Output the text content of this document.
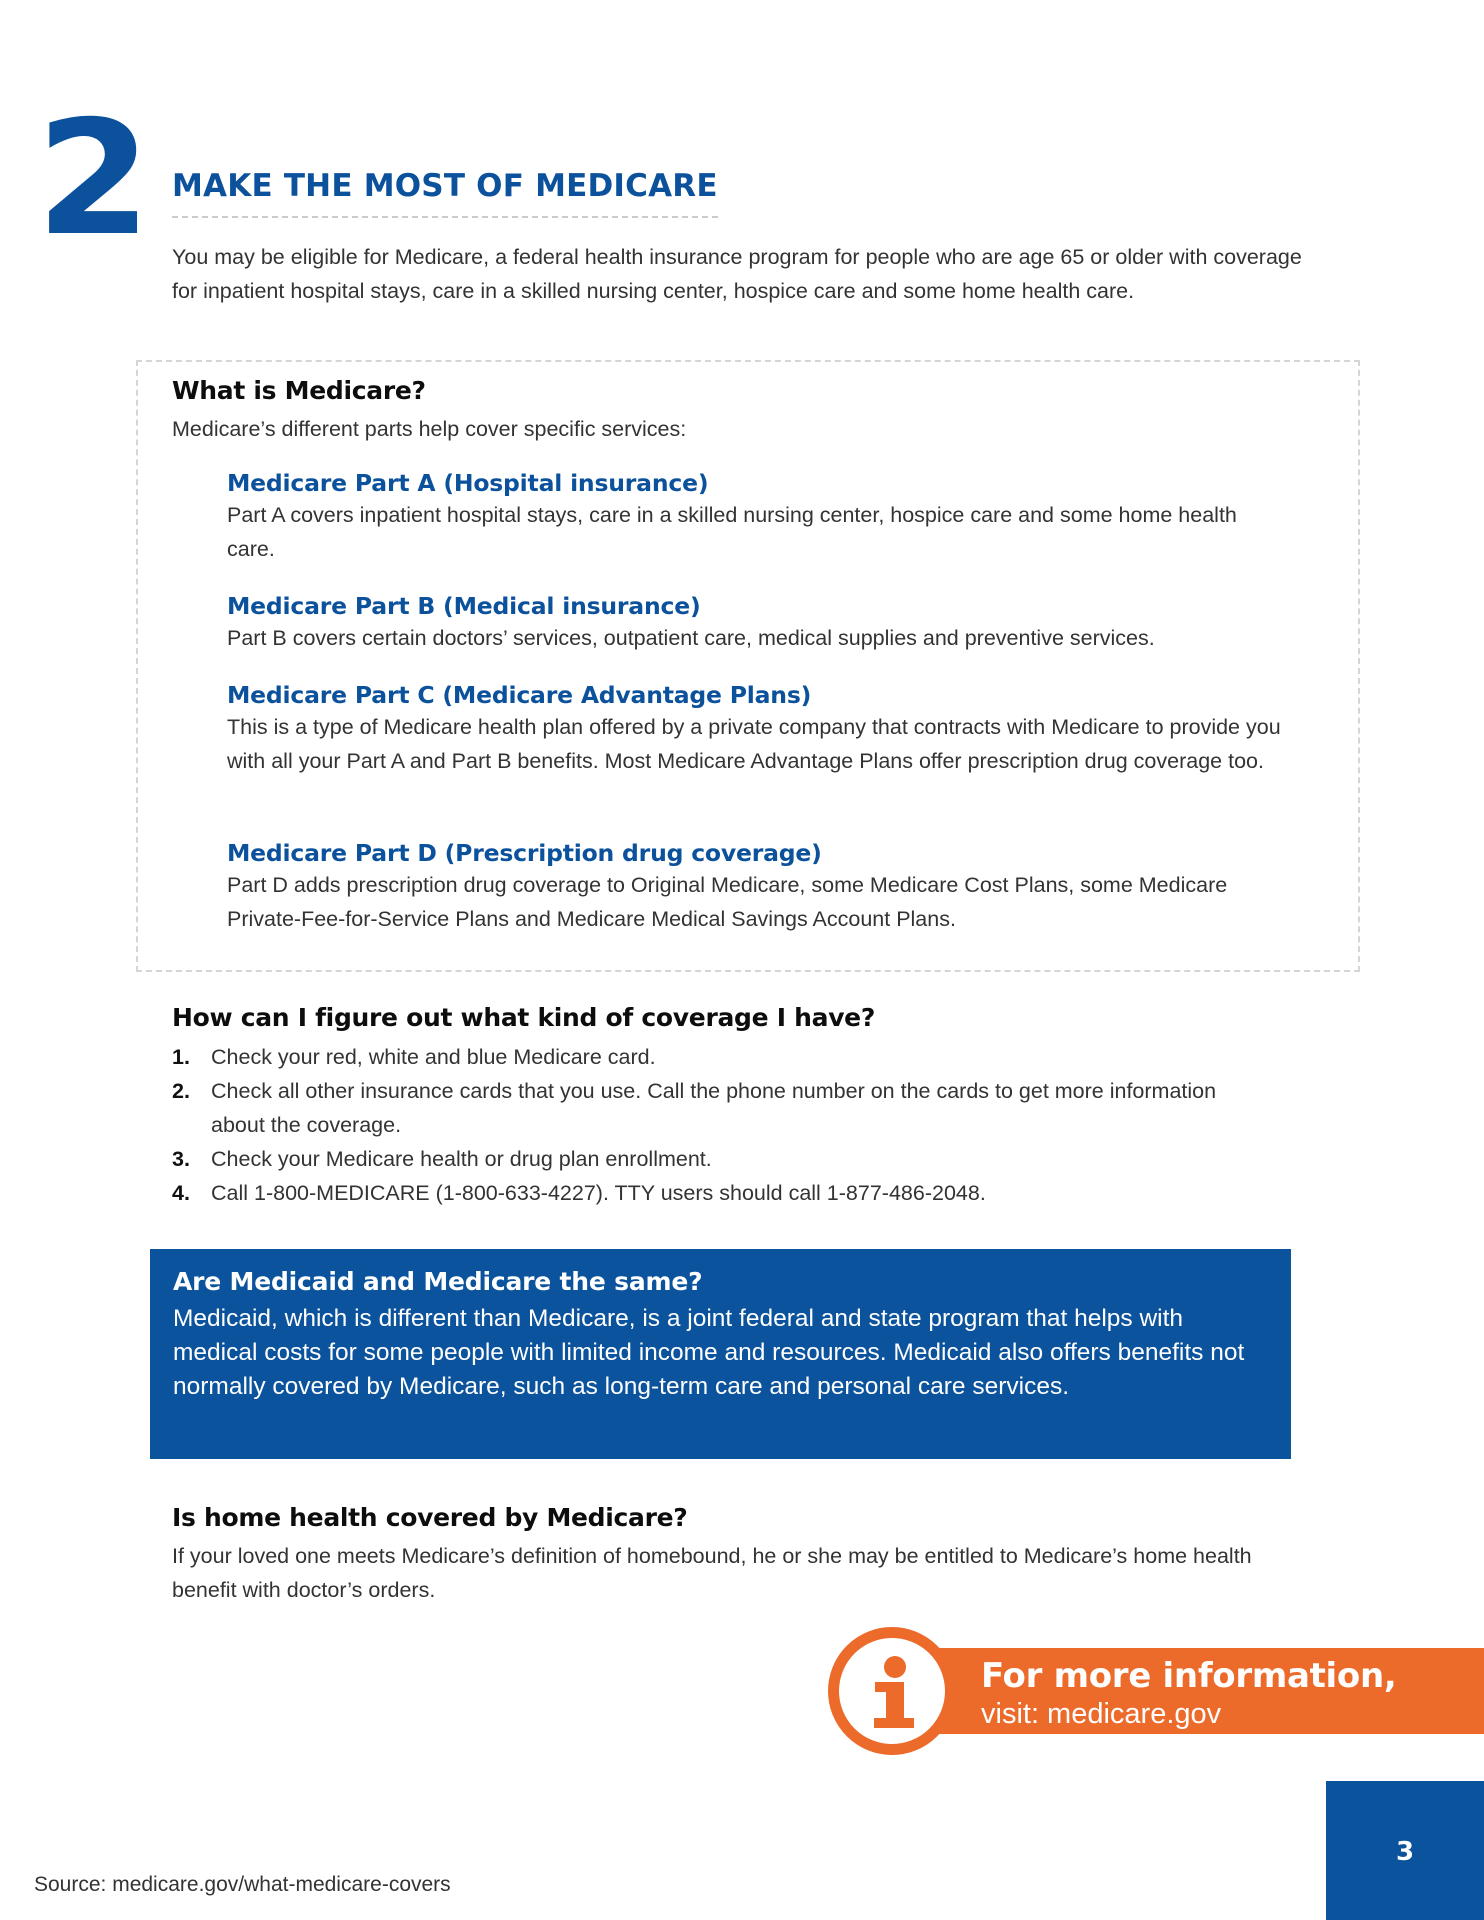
2 MAKE THE MOST OF MEDICARE
You may be eligible for Medicare, a federal health insurance program for people who are age 65 or older with coverage for inpatient hospital stays, care in a skilled nursing center, hospice care and some home health care.
What is Medicare?
Medicare’s different parts help cover specific services:
Medicare Part A (Hospital insurance)
Part A covers inpatient hospital stays, care in a skilled nursing center, hospice care and some home health care.
Medicare Part B (Medical insurance)
Part B covers certain doctors’ services, outpatient care, medical supplies and preventive services.
Medicare Part C (Medicare Advantage Plans)
This is a type of Medicare health plan offered by a private company that contracts with Medicare to provide you with all your Part A and Part B benefits. Most Medicare Advantage Plans offer prescription drug coverage too.
Medicare Part D (Prescription drug coverage)
Part D adds prescription drug coverage to Original Medicare, some Medicare Cost Plans, some Medicare Private-Fee-for-Service Plans and Medicare Medical Savings Account Plans.
How can I figure out what kind of coverage I have?
1. Check your red, white and blue Medicare card.
2. Check all other insurance cards that you use. Call the phone number on the cards to get more information about the coverage.
3. Check your Medicare health or drug plan enrollment.
4. Call 1-800-MEDICARE (1-800-633-4227). TTY users should call 1-877-486-2048.
Are Medicaid and Medicare the same?
Medicaid, which is different than Medicare, is a joint federal and state program that helps with medical costs for some people with limited income and resources. Medicaid also offers benefits not normally covered by Medicare, such as long-term care and personal care services.
Is home health covered by Medicare?
If your loved one meets Medicare’s definition of homebound, he or she may be entitled to Medicare’s home health benefit with doctor’s orders.
For more information,
visit: medicare.gov
3
Source: medicare.gov/what-medicare-covers
